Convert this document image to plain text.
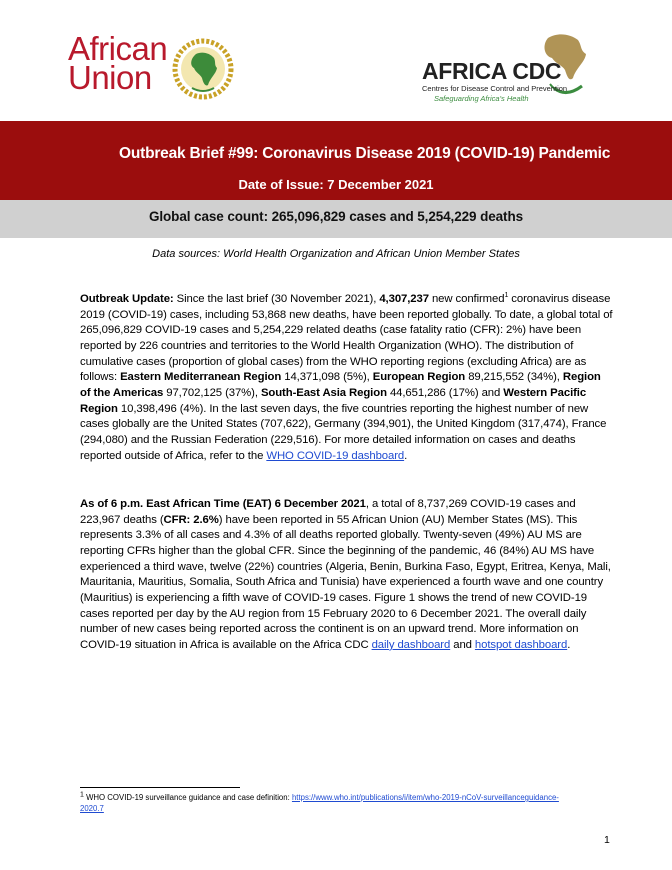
African
Union	AFRICA CDC
Centres for Disease Control and Prevention
Safeguarding Africa's Health
Outbreak Brief #99: Coronavirus Disease 2019 (COVID-19) Pandemic
Date of Issue: 7 December 2021
Global case count: 265,096,829 cases and 5,254,229 deaths
Data sources: World Health Organization and African Union Member States
Outbreak Update: Since the last brief (30 November 2021), 4,307,237 new confirmed$^1$ coronavirus disease 2019 (COVID-19) cases, including 53,868 new deaths, have been reported globally. To date, a global total of 265,096,829 COVID-19 cases and 5,254,229 related deaths (case fatality ratio (CFR): 2%) have been reported by 226 countries and territories to the World Health Organization (WHO). The distribution of cumulative cases (proportion of global cases) from the WHO reporting regions (excluding Africa) are as follows: Eastern Mediterranean Region 14,371,098 (5%), European Region 89,215,552 (34%), Region of the Americas 97,702,125 (37%), South-East Asia Region 44,651,286 (17%) and Western Pacific Region 10,398,496 (4%). In the last seven days, the five countries reporting the highest number of new cases globally are the United States (707,622), Germany (394,901), the United Kingdom (317,474), France (294,080) and the Russian Federation (229,516). For more detailed information on cases and deaths reported outside of Africa, refer to the WHO COVID-19 dashboard.
As of 6 p.m. East African Time (EAT) 6 December 2021, a total of 8,737,269 COVID-19 cases and 223,967 deaths (CFR: 2.6%) have been reported in 55 African Union (AU) Member States (MS). This represents 3.3% of all cases and 4.3% of all deaths reported globally. Twenty-seven (49%) AU MS are reporting CFRs higher than the global CFR. Since the beginning of the pandemic, 46 (84%) AU MS have experienced a third wave, twelve (22%) countries (Algeria, Benin, Burkina Faso, Egypt, Eritrea, Kenya, Mali, Mauritania, Mauritius, Somalia, South Africa and Tunisia) have experienced a fourth wave and one country (Mauritius) is experiencing a fifth wave of COVID-19 cases. Figure 1 shows the trend of new COVID-19 cases reported per day by the AU region from 15 February 2020 to 6 December 2021. The overall daily number of new cases being reported across the continent is on an upward trend. More information on COVID-19 situation in Africa is available on the Africa CDC daily dashboard and hotspot dashboard.
$^1$ WHO COVID-19 surveillance guidance and case definition: https://www.who.int/publications/i/item/who-2019-nCoV-surveillanceguidance-2020.7
1
